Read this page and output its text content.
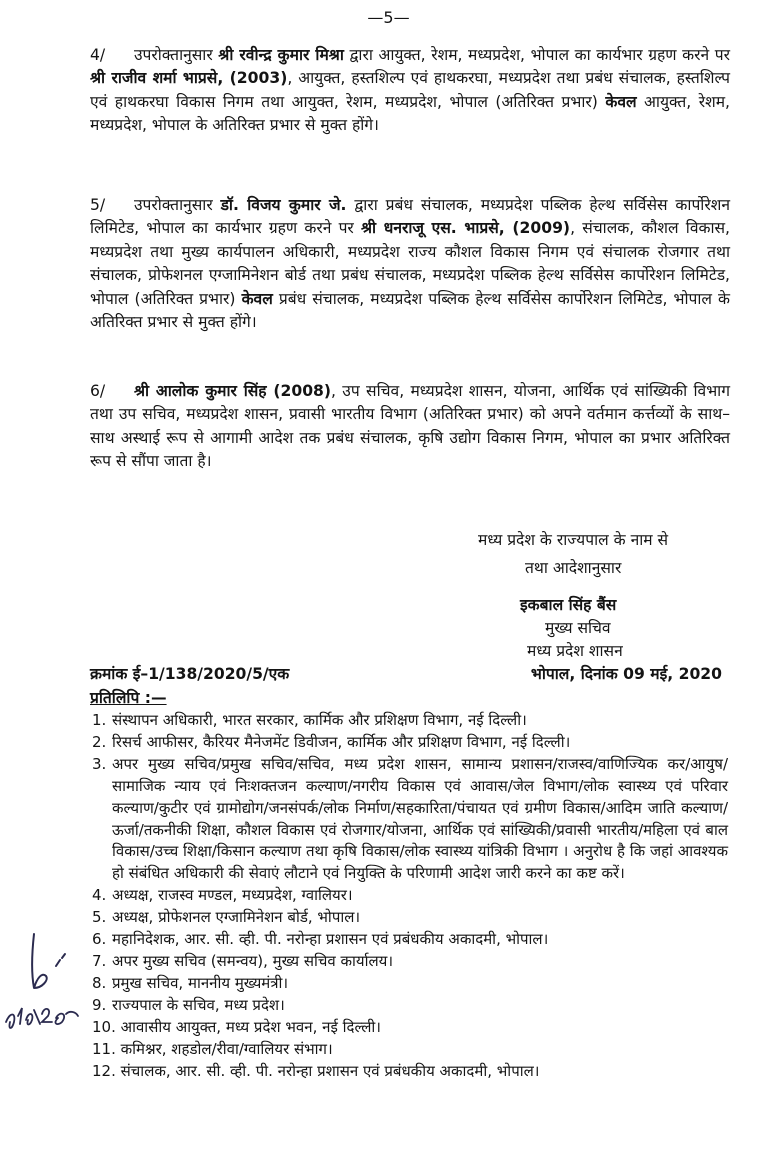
—5—
4/ उपरोक्तानुसार श्री रवीन्द्र कुमार मिश्रा द्वारा आयुक्त, रेशम, मध्यप्रदेश, भोपाल का कार्यभार ग्रहण करने पर श्री राजीव शर्मा भाप्रसे, (2003), आयुक्त, हस्तशिल्प एवं हाथकरघा, मध्यप्रदेश तथा प्रबंध संचालक, हस्तशिल्प एवं हाथकरघा विकास निगम तथा आयुक्त, रेशम, मध्यप्रदेश, भोपाल (अतिरिक्त प्रभार) केवल आयुक्त, रेशम, मध्यप्रदेश, भोपाल के अतिरिक्त प्रभार से मुक्त होंगे।
5/ उपरोक्तानुसार डॉ. विजय कुमार जे. द्वारा प्रबंध संचालक, मध्यप्रदेश पब्लिक हेल्थ सर्विसेस कार्पोरेशन लिमिटेड, भोपाल का कार्यभार ग्रहण करने पर श्री धनराजू एस. भाप्रसे, (2009), संचालक, कौशल विकास, मध्यप्रदेश तथा मुख्य कार्यपालन अधिकारी, मध्यप्रदेश राज्य कौशल विकास निगम एवं संचालक रोजगार तथा संचालक, प्रोफेशनल एग्जामिनेशन बोर्ड तथा प्रबंध संचालक, मध्यप्रदेश पब्लिक हेल्थ सर्विसेस कार्पोरेशन लिमिटेड, भोपाल (अतिरिक्त प्रभार) केवल प्रबंध संचालक, मध्यप्रदेश पब्लिक हेल्थ सर्विसेस कार्पोरेशन लिमिटेड, भोपाल के अतिरिक्त प्रभार से मुक्त होंगे।
6/ श्री आलोक कुमार सिंह (2008), उप सचिव, मध्यप्रदेश शासन, योजना, आर्थिक एवं सांख्यिकी विभाग तथा उप सचिव, मध्यप्रदेश शासन, प्रवासी भारतीय विभाग (अतिरिक्त प्रभार) को अपने वर्तमान कर्त्तव्यों के साथ–साथ अस्थाई रूप से आगामी आदेश तक प्रबंध संचालक, कृषि उद्योग विकास निगम, भोपाल का प्रभार अतिरिक्त रूप से सौंपा जाता है।
मध्य प्रदेश के राज्यपाल के नाम से
तथा आदेशानुसार
इकबाल सिंह बैंस
मुख्य सचिव
मध्य प्रदेश शासन
क्रमांक ई–1/138/2020/5/एक	भोपाल, दिनांक 09 मई, 2020
प्रतिलिपि :—
1. संस्थापन अधिकारी, भारत सरकार, कार्मिक और प्रशिक्षण विभाग, नई दिल्ली।
2. रिसर्च आफीसर, कैरियर मैनेजमेंट डिवीजन, कार्मिक और प्रशिक्षण विभाग, नई दिल्ली।
3. अपर मुख्य सचिव/प्रमुख सचिव/सचिव, मध्य प्रदेश शासन, सामान्य प्रशासन/राजस्व/वाणिज्यिक कर/आयुष/सामाजिक न्याय एवं निःशक्तजन कल्याण/नगरीय विकास एवं आवास/जेल विभाग/लोक स्वास्थ्य एवं परिवार कल्याण/कुटीर एवं ग्रामोद्योग/जनसंपर्क/लोक निर्माण/सहकारिता/पंचायत एवं ग्रमीण विकास/आदिम जाति कल्याण/ऊर्जा/तकनीकी शिक्षा, कौशल विकास एवं रोजगार/योजना, आर्थिक एवं सांख्यिकी/प्रवासी भारतीय/महिला एवं बाल विकास/उच्च शिक्षा/किसान कल्याण तथा कृषि विकास/लोक स्वास्थ्य यांत्रिकी विभाग । अनुरोध है कि जहां आवश्यक हो संबंधित अधिकारी की सेवाएं लौटाने एवं नियुक्ति के परिणामी आदेश जारी करने का कष्ट करें।
4. अध्यक्ष, राजस्व मण्डल, मध्यप्रदेश, ग्वालियर।
5. अध्यक्ष, प्रोफेशनल एग्जामिनेशन बोर्ड, भोपाल।
6. महानिदेशक, आर. सी. व्ही. पी. नरोन्हा प्रशासन एवं प्रबंधकीय अकादमी, भोपाल।
7. अपर मुख्य सचिव (समन्वय), मुख्य सचिव कार्यालय।
8. प्रमुख सचिव, माननीय मुख्यमंत्री।
9. राज्यपाल के सचिव, मध्य प्रदेश।
10. आवासीय आयुक्त, मध्य प्रदेश भवन, नई दिल्ली।
11. कमिश्नर, शहडोल/रीवा/ग्वालियर संभाग।
12. संचालक, आर. सी. व्ही. पी. नरोन्हा प्रशासन एवं प्रबंधकीय अकादमी, भोपाल।
